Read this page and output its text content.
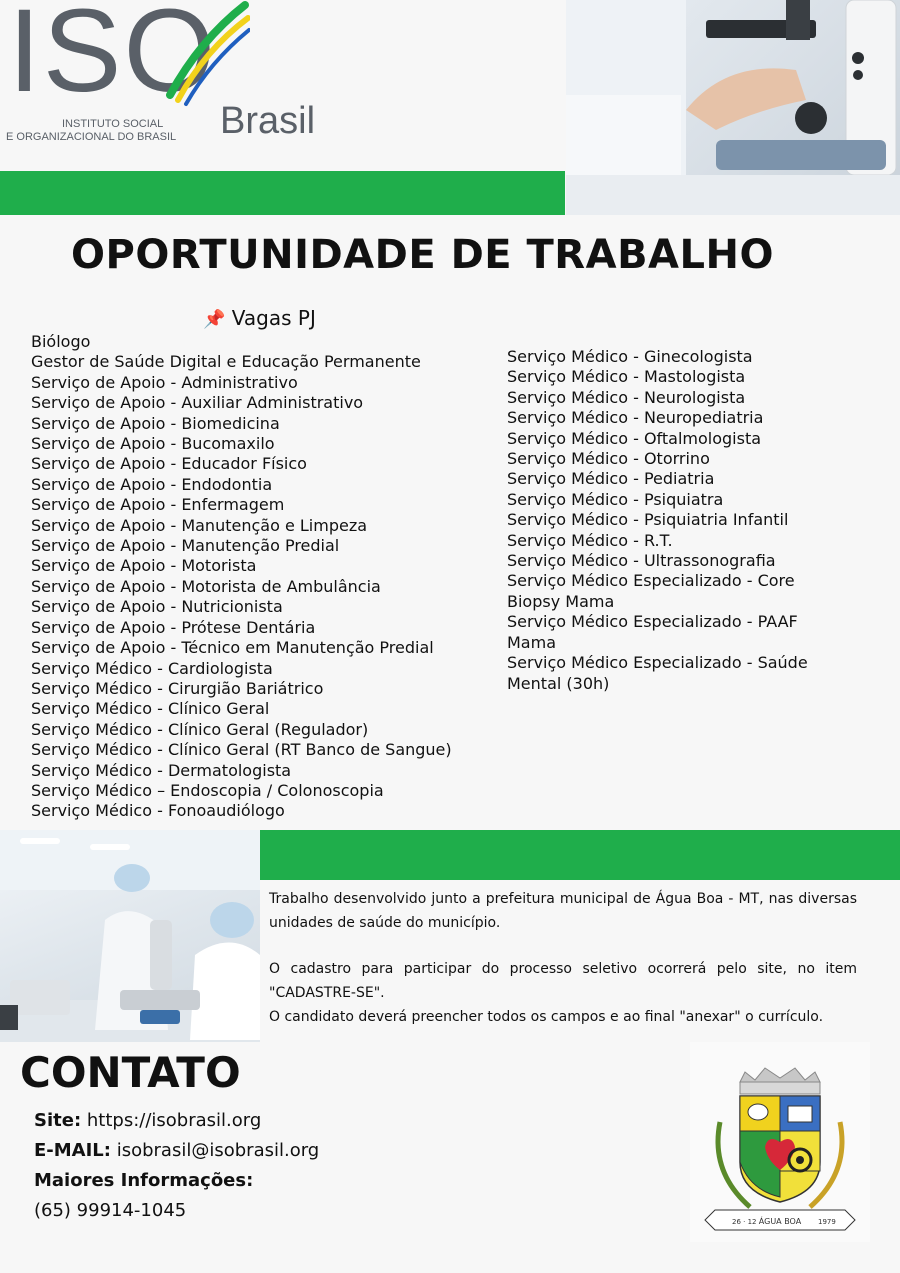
ISO
INSTITUTO SOCIAL
E ORGANIZACIONAL DO BRASIL Brasil
OPORTUNIDADE DE TRABALHO
📌 Vagas PJ
Biólogo
Gestor de Saúde Digital e Educação Permanente
Serviço de Apoio - Administrativo
Serviço de Apoio - Auxiliar Administrativo
Serviço de Apoio - Biomedicina
Serviço de Apoio - Bucomaxilo
Serviço de Apoio - Educador Físico
Serviço de Apoio - Endodontia
Serviço de Apoio - Enfermagem
Serviço de Apoio - Manutenção e Limpeza
Serviço de Apoio - Manutenção Predial
Serviço de Apoio - Motorista
Serviço de Apoio - Motorista de Ambulância
Serviço de Apoio - Nutricionista
Serviço de Apoio - Prótese Dentária
Serviço de Apoio - Técnico em Manutenção Predial
Serviço Médico - Cardiologista
Serviço Médico - Cirurgião Bariátrico
Serviço Médico - Clínico Geral
Serviço Médico - Clínico Geral (Regulador)
Serviço Médico - Clínico Geral (RT Banco de Sangue)
Serviço Médico - Dermatologista
Serviço Médico – Endoscopia / Colonoscopia
Serviço Médico - Fonoaudiólogo
Serviço Médico - Ginecologista
Serviço Médico - Mastologista
Serviço Médico - Neurologista
Serviço Médico - Neuropediatria
Serviço Médico - Oftalmologista
Serviço Médico - Otorrino
Serviço Médico - Pediatria
Serviço Médico - Psiquiatra
Serviço Médico - Psiquiatria Infantil
Serviço Médico - R.T.
Serviço Médico - Ultrassonografia
Serviço Médico Especializado - Core Biopsy Mama
Serviço Médico Especializado - PAAF Mama
Serviço Médico Especializado - Saúde Mental (30h)
Trabalho desenvolvido junto a prefeitura municipal de Água Boa - MT, nas diversas unidades de saúde do município.
O cadastro para participar do processo seletivo ocorrerá pelo site, no item "CADASTRE-SE".
O candidato deverá preencher todos os campos e ao final "anexar" o currículo.
CONTATO
Site: https://isobrasil.org
E-MAIL: isobrasil@isobrasil.org
Maiores Informações:
(65) 99914-1045
26 · 12 ÁGUA BOA 1979
